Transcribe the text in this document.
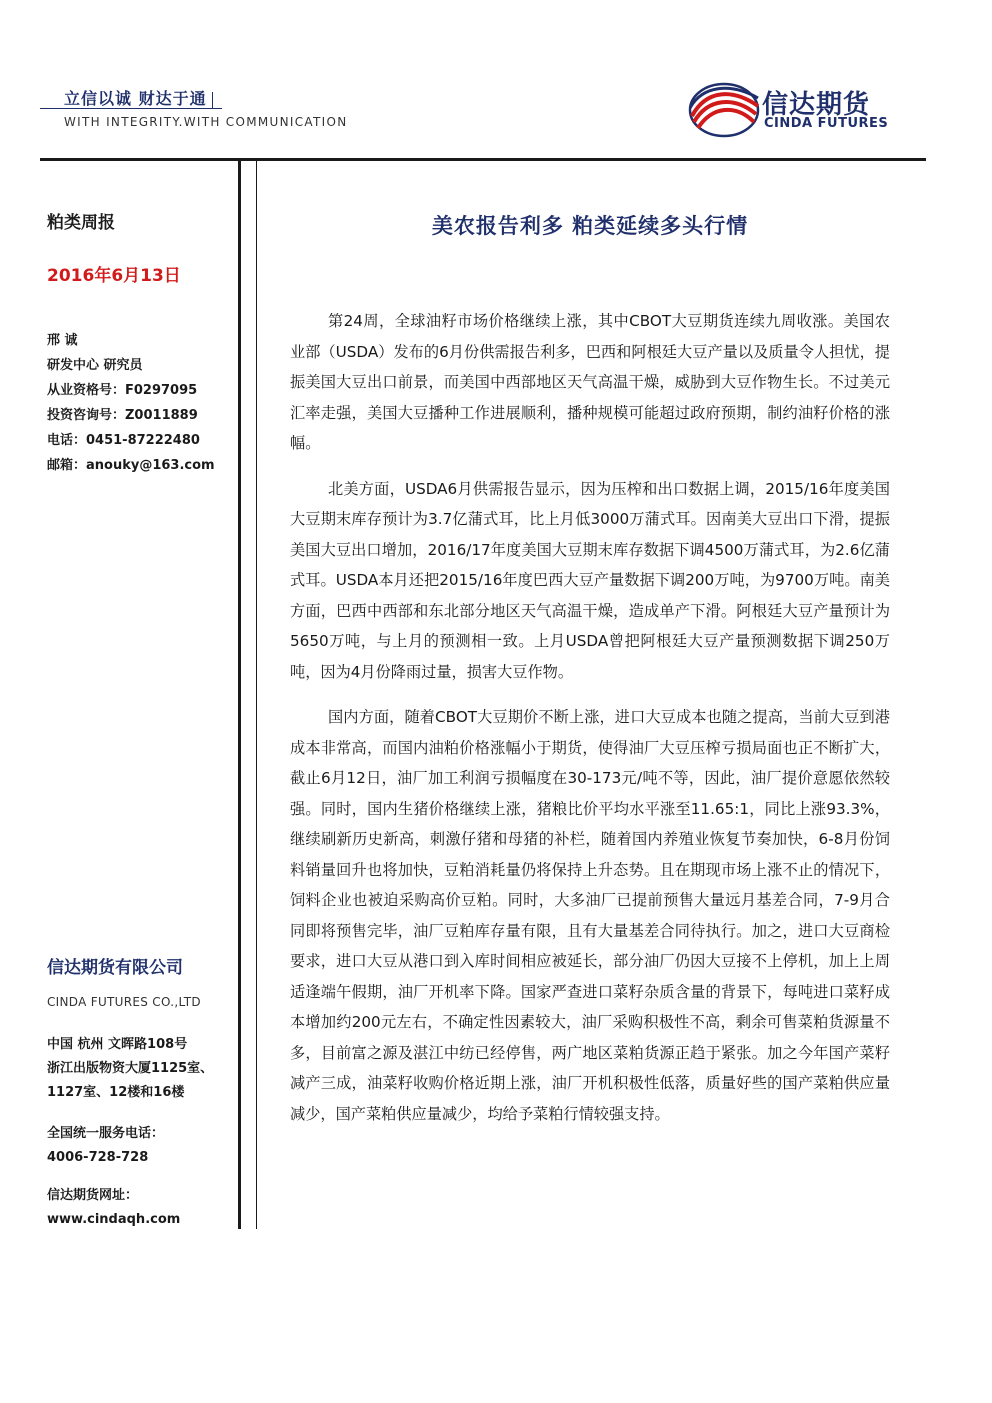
立信以诚 财达于通
WITH INTEGRITY.WITH COMMUNICATION
信达期货
CINDA FUTURES
粕类周报
2016年6月13日
邢 诚
研发中心 研究员
从业资格号：F0297095
投资咨询号：Z0011889
电话：0451-87222480
邮箱：anouky@163.com
信达期货有限公司
CINDA FUTURES CO.,LTD
中国 杭州 文晖路108号
浙江出版物资大厦1125室、
1127室、12楼和16楼
全国统一服务电话：
4006-728-728
信达期货网址：
www.cindaqh.com
美农报告利多 粕类延续多头行情

第24周，全球油籽市场价格继续上涨，其中CBOT大豆期货连续九周收涨。美国农业部（USDA）发布的6月份供需报告利多，巴西和阿根廷大豆产量以及质量令人担忧，提振美国大豆出口前景，而美国中西部地区天气高温干燥，威胁到大豆作物生长。不过美元汇率走强，美国大豆播种工作进展顺利，播种规模可能超过政府预期，制约油籽价格的涨幅。

北美方面，USDA6月供需报告显示，因为压榨和出口数据上调，2015/16年度美国大豆期末库存预计为3.7亿蒲式耳，比上月低3000万蒲式耳。因南美大豆出口下滑，提振美国大豆出口增加，2016/17年度美国大豆期末库存数据下调4500万蒲式耳，为2.6亿蒲式耳。USDA本月还把2015/16年度巴西大豆产量数据下调200万吨，为9700万吨。南美方面，巴西中西部和东北部分地区天气高温干燥，造成单产下滑。阿根廷大豆产量预计为5650万吨，与上月的预测相一致。上月USDA曾把阿根廷大豆产量预测数据下调250万吨，因为4月份降雨过量，损害大豆作物。

国内方面，随着CBOT大豆期价不断上涨，进口大豆成本也随之提高，当前大豆到港成本非常高，而国内油粕价格涨幅小于期货，使得油厂大豆压榨亏损局面也正不断扩大，截止6月12日，油厂加工利润亏损幅度在30-173元/吨不等，因此，油厂提价意愿依然较强。同时，国内生猪价格继续上涨，猪粮比价平均水平涨至11.65:1，同比上涨93.3%，继续刷新历史新高，刺激仔猪和母猪的补栏，随着国内养殖业恢复节奏加快，6-8月份饲料销量回升也将加快，豆粕消耗量仍将保持上升态势。且在期现市场上涨不止的情况下，饲料企业也被迫采购高价豆粕。同时，大多油厂已提前预售大量远月基差合同，7-9月合同即将预售完毕，油厂豆粕库存量有限，且有大量基差合同待执行。加之，进口大豆商检要求，进口大豆从港口到入库时间相应被延长，部分油厂仍因大豆接不上停机，加上上周适逢端午假期，油厂开机率下降。国家严查进口菜籽杂质含量的背景下，每吨进口菜籽成本增加约200元左右，不确定性因素较大，油厂采购积极性不高，剩余可售菜粕货源量不多，目前富之源及湛江中纺已经停售，两广地区菜粕货源正趋于紧张。加之今年国产菜籽减产三成，油菜籽收购价格近期上涨，油厂开机积极性低落，质量好些的国产菜粕供应量减少，国产菜粕供应量减少，均给予菜粕行情较强支持。
